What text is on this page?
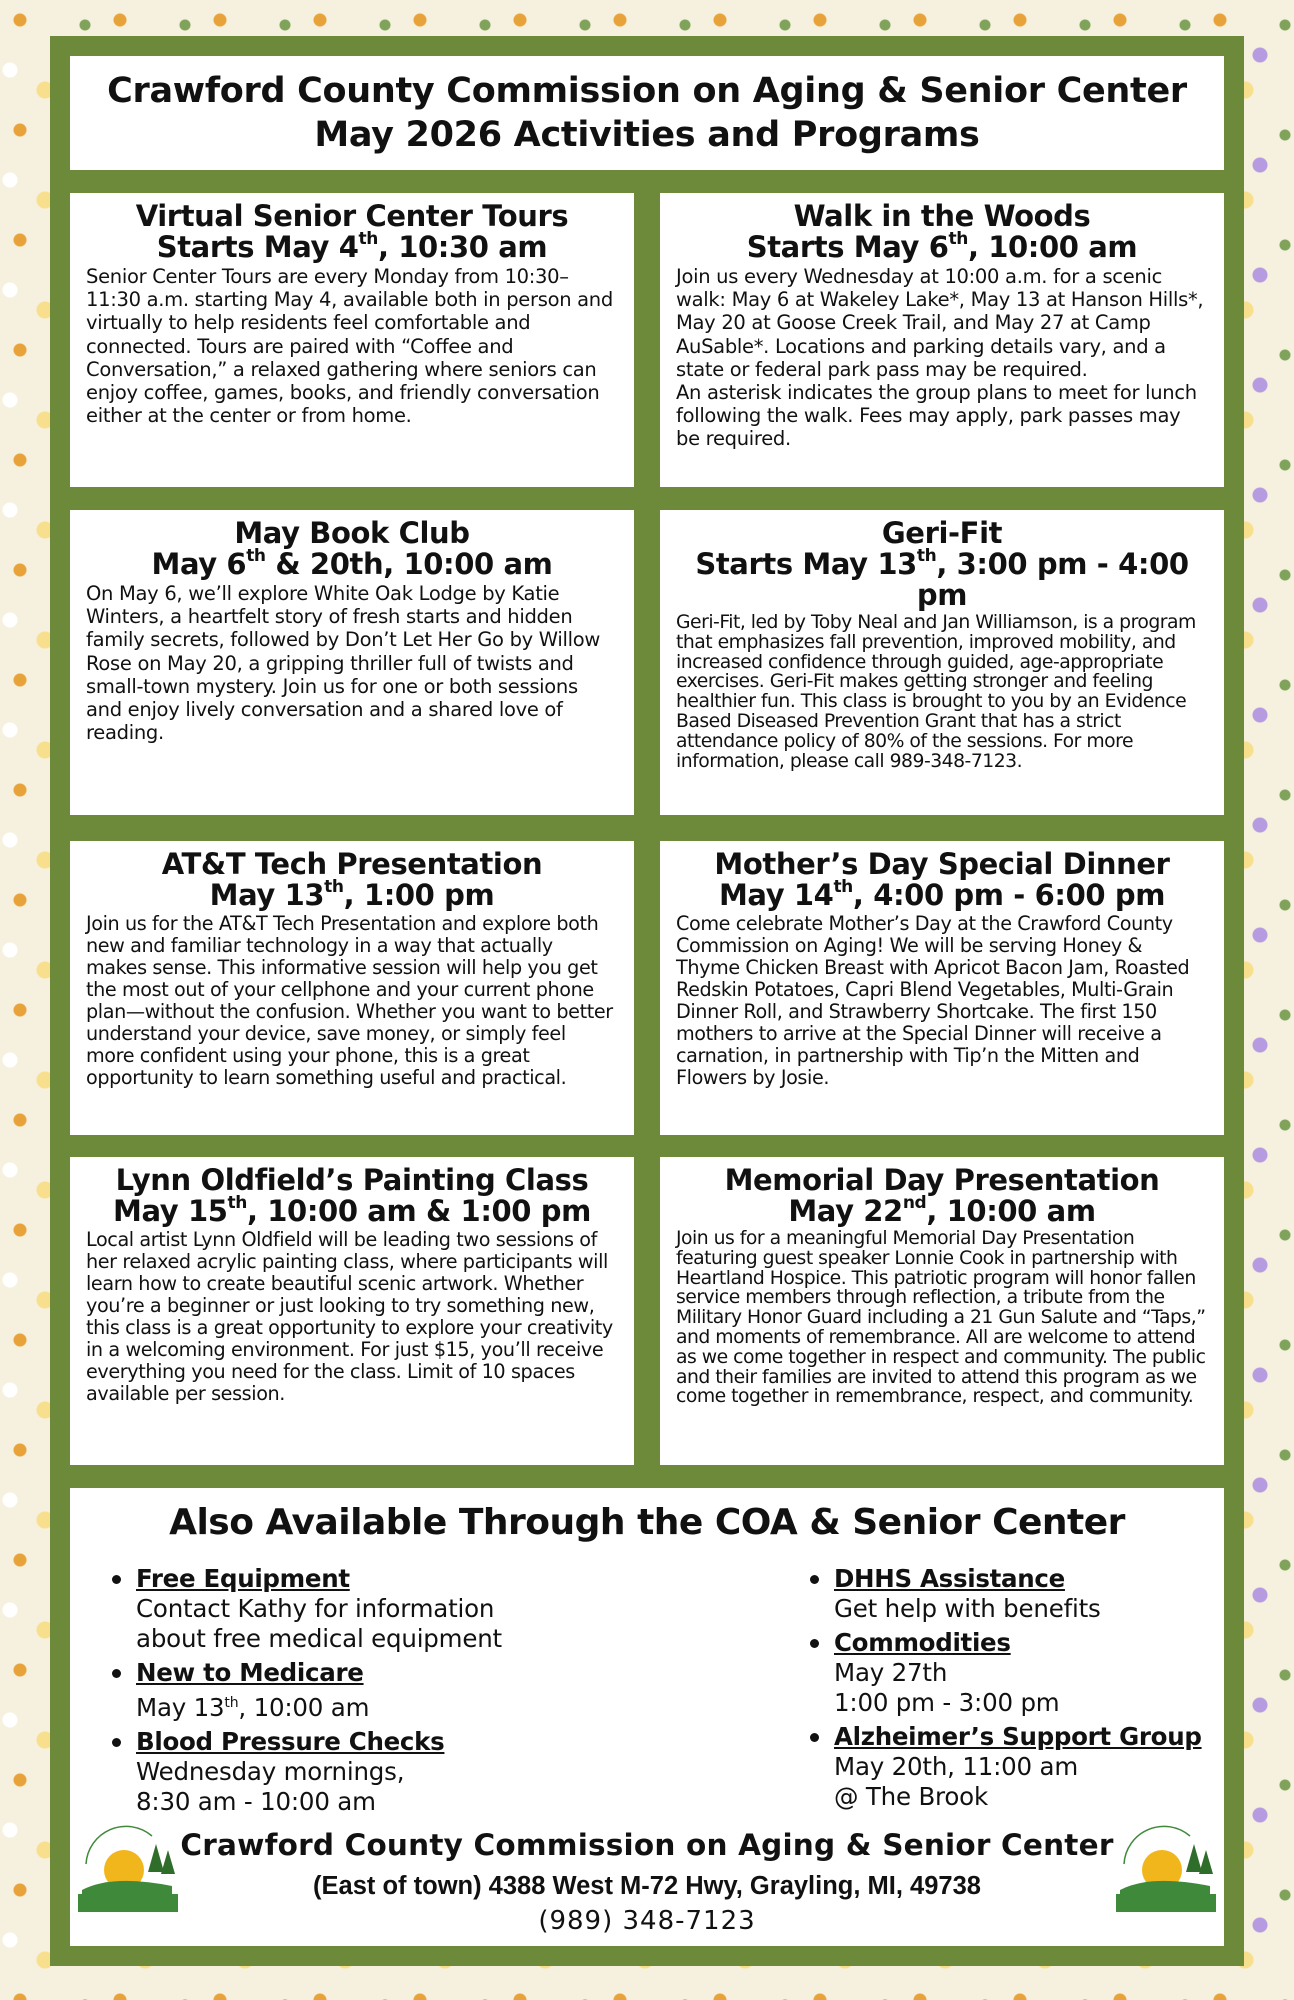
Crawford County Commission on Aging & Senior Center
May 2026 Activities and Programs
Virtual Senior Center Tours
Starts May 4th, 10:30 am

Senior Center Tours are every Monday from 10:30–11:30 a.m. starting May 4, available both in person and virtually to help residents feel comfortable and connected. Tours are paired with “Coffee and Conversation,” a relaxed gathering where seniors can enjoy coffee, games, books, and friendly conversation either at the center or from home.

Walk in the Woods
Starts May 6th, 10:00 am

Join us every Wednesday at 10:00 a.m. for a scenic walk: May 6 at Wakeley Lake*, May 13 at Hanson Hills*, May 20 at Goose Creek Trail, and May 27 at Camp AuSable*. Locations and parking details vary, and a state or federal park pass may be required.

An asterisk indicates the group plans to meet for lunch following the walk. Fees may apply, park passes may be required.

May Book Club
May 6th & 20th, 10:00 am

On May 6, we’ll explore White Oak Lodge by Katie Winters, a heartfelt story of fresh starts and hidden family secrets, followed by Don’t Let Her Go by Willow Rose on May 20, a gripping thriller full of twists and small-town mystery. Join us for one or both sessions and enjoy lively conversation and a shared love of reading.

Geri-Fit
Starts May 13th, 3:00 pm - 4:00 pm

Geri-Fit, led by Toby Neal and Jan Williamson, is a program that emphasizes fall prevention, improved mobility, and increased confidence through guided, age-appropriate exercises. Geri-Fit makes getting stronger and feeling healthier fun. This class is brought to you by an Evidence Based Diseased Prevention Grant that has a strict attendance policy of 80% of the sessions. For more information, please call 989-348-7123.

AT&T Tech Presentation
May 13th, 1:00 pm

Join us for the AT&T Tech Presentation and explore both new and familiar technology in a way that actually makes sense. This informative session will help you get the most out of your cellphone and your current phone plan—without the confusion. Whether you want to better understand your device, save money, or simply feel more confident using your phone, this is a great opportunity to learn something useful and practical.

Mother’s Day Special Dinner
May 14th, 4:00 pm - 6:00 pm

Come celebrate Mother’s Day at the Crawford County Commission on Aging! We will be serving Honey & Thyme Chicken Breast with Apricot Bacon Jam, Roasted Redskin Potatoes, Capri Blend Vegetables, Multi-Grain Dinner Roll, and Strawberry Shortcake. The first 150 mothers to arrive at the Special Dinner will receive a carnation, in partnership with Tip’n the Mitten and Flowers by Josie.

Lynn Oldfield’s Painting Class
May 15th, 10:00 am & 1:00 pm

Local artist Lynn Oldfield will be leading two sessions of her relaxed acrylic painting class, where participants will learn how to create beautiful scenic artwork. Whether you’re a beginner or just looking to try something new, this class is a great opportunity to explore your creativity in a welcoming environment. For just $15, you’ll receive everything you need for the class. Limit of 10 spaces available per session.

Memorial Day Presentation
May 22nd, 10:00 am

Join us for a meaningful Memorial Day Presentation featuring guest speaker Lonnie Cook in partnership with Heartland Hospice. This patriotic program will honor fallen service members through reflection, a tribute from the Military Honor Guard including a 21 Gun Salute and “Taps,” and moments of remembrance. All are welcome to attend as we come together in respect and community. The public and their families are invited to attend this program as we come together in remembrance, respect, and community.

Also Available Through the COA & Senior Center
Free Equipment
Contact Kathy for information
about free medical equipment
New to Medicare
May 13th, 10:00 am
Blood Pressure Checks
Wednesday mornings,
8:30 am - 10:00 am
DHHS Assistance
Get help with benefits
Commodities
May 27th
1:00 pm - 3:00 pm
Alzheimer’s Support Group
May 20th, 11:00 am
@ The Brook
Crawford County Commission on Aging & Senior Center
(East of town) 4388 West M-72 Hwy, Grayling, MI, 49738
(989) 348-7123
